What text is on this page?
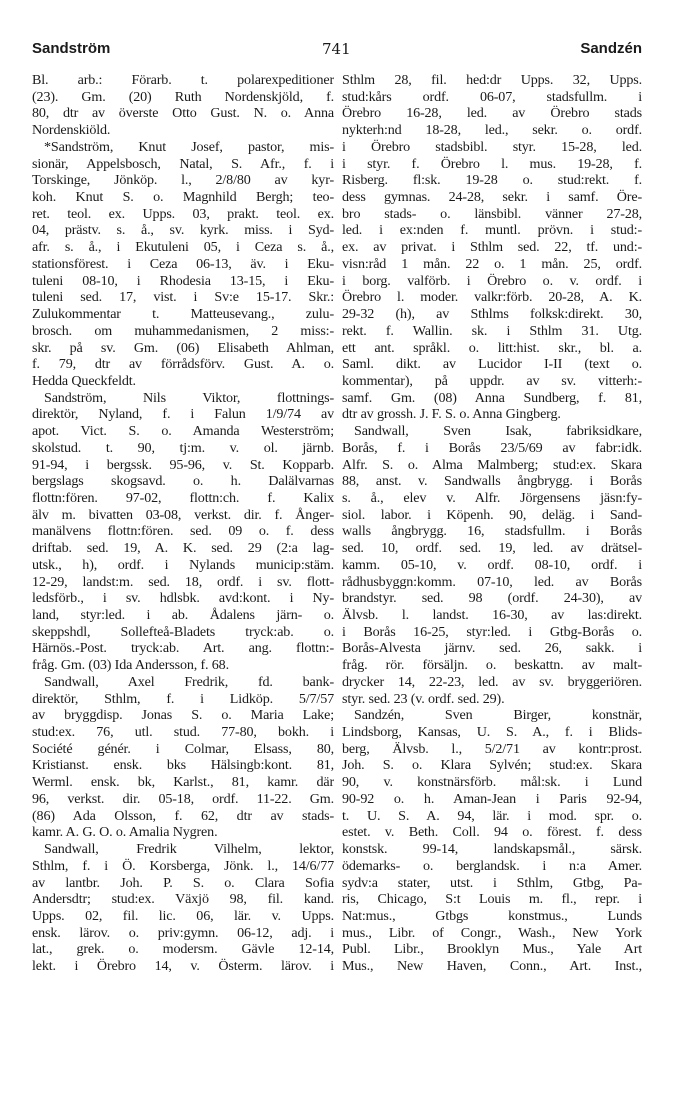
Sandström	741	Sandzén
Bl. arb.: Förarb. t. polarexpeditioner
(23). Gm. (20) Ruth Nordenskjöld, f.
80, dtr av överste Otto Gust. N. o. Anna
Nordenskiöld.
*Sandström, Knut Josef, pastor, mis-
sionär, Appelsbosch, Natal, S. Afr., f. i
Torskinge, Jönköp. l., 2/8/80 av kyr-
koh. Knut S. o. Magnhild Bergh; teo-
ret. teol. ex. Upps. 03, prakt. teol. ex.
04, prästv. s. å., sv. kyrk. miss. i Syd-
afr. s. å., i Ekutuleni 05, i Ceza s. å.,
stationsförest. i Ceza 06-13, äv. i Eku-
tuleni 08-10, i Rhodesia 13-15, i Eku-
tuleni sed. 17, vist. i Sv:e 15-17. Skr.:
Zulukommentar t. Matteusevang., zulu-
brosch. om muhammedanismen, 2 miss:-
skr. på sv. Gm. (06) Elisabeth Ahlman,
f. 79, dtr av förrådsförv. Gust. A. o.
Hedda Queckfeldt.
Sandström, Nils Viktor, flottnings-
direktör, Nyland, f. i Falun 1/9/74 av
apot. Vict. S. o. Amanda Westerström;
skolstud. t. 90, tj:m. v. ol. järnb.
91-94, i bergssk. 95-96, v. St. Kopparb.
bergslags skogsavd. o. h. Dalälvarnas
flottn:fören. 97-02, flottn:ch. f. Kalix
älv m. bivatten 03-08, verkst. dir. f. Ånger-
manälvens flottn:fören. sed. 09 o. f. dess
driftab. sed. 19, A. K. sed. 29 (2:a lag-
utsk., h), ordf. i Nylands municip:stäm.
12-29, landst:m. sed. 18, ordf. i sv. flott-
ledsförb., i sv. hdlsbk. avd:kont. i Ny-
land, styr:led. i ab. Ådalens järn- o.
skeppshdl, Sollefteå-Bladets tryck:ab. o.
Härnös.-Post. tryck:ab. Art. ang. flottn:-
fråg. Gm. (03) Ida Andersson, f. 68.
Sandwall, Axel Fredrik, fd. bank-
direktör, Sthlm, f. i Lidköp. 5/7/57
av bryggdisp. Jonas S. o. Maria Lake;
stud:ex. 76, utl. stud. 77-80, bokh. i
Société génér. i Colmar, Elsass, 80,
Kristianst. ensk. bks Hälsingb:kont. 81,
Werml. ensk. bk, Karlst., 81, kamr. där
96, verkst. dir. 05-18, ordf. 11-22. Gm.
(86) Ada Olsson, f. 62, dtr av stads-
kamr. A. G. O. o. Amalia Nygren.
Sandwall, Fredrik Vilhelm, lektor,
Sthlm, f. i Ö. Korsberga, Jönk. l., 14/6/77
av lantbr. Joh. P. S. o. Clara Sofia
Andersdtr; stud:ex. Växjö 98, fil. kand.
Upps. 02, fil. lic. 06, lär. v. Upps.
ensk. lärov. o. priv:gymn. 06-12, adj. i
lat., grek. o. modersm. Gävle 12-14,
lekt. i Örebro 14, v. Österm. lärov. i
Sthlm 28, fil. hed:dr Upps. 32, Upps.
stud:kårs ordf. 06-07, stadsfullm. i
Örebro 16-28, led. av Örebro stads
nykterh:nd 18-28, led., sekr. o. ordf.
i Örebro stadsbibl. styr. 15-28, led.
i styr. f. Örebro l. mus. 19-28, f.
Risberg. fl:sk. 19-28 o. stud:rekt. f.
dess gymnas. 24-28, sekr. i samf. Öre-
bro stads- o. länsbibl. vänner 27-28,
led. i ex:nden f. muntl. prövn. i stud:-
ex. av privat. i Sthlm sed. 22, tf. und:-
visn:råd 1 mån. 22 o. 1 mån. 25, ordf.
i borg. valförb. i Örebro o. v. ordf. i
Örebro l. moder. valkr:förb. 20-28, A. K.
29-32 (h), av Sthlms folksk:direkt. 30,
rekt. f. Wallin. sk. i Sthlm 31. Utg.
ett ant. språkl. o. litt:hist. skr., bl. a.
Saml. dikt. av Lucidor I-II (text o.
kommentar), på uppdr. av sv. vitterh:-
samf. Gm. (08) Anna Sundberg, f. 81,
dtr av grossh. J. F. S. o. Anna Gingberg.
Sandwall, Sven Isak, fabriksidkare,
Borås, f. i Borås 23/5/69 av fabr:idk.
Alfr. S. o. Alma Malmberg; stud:ex. Skara
88, anst. v. Sandwalls ångbrygg. i Borås
s. å., elev v. Alfr. Jörgensens jäsn:fy-
siol. labor. i Köpenh. 90, deläg. i Sand-
walls ångbrygg. 16, stadsfullm. i Borås
sed. 10, ordf. sed. 19, led. av drätsel-
kamm. 05-10, v. ordf. 08-10, ordf. i
rådhusbyggn:komm. 07-10, led. av Borås
brandstyr. sed. 98 (ordf. 24-30), av
Älvsb. l. landst. 16-30, av las:direkt.
i Borås 16-25, styr:led. i Gtbg-Borås o.
Borås-Alvesta järnv. sed. 26, sakk. i
fråg. rör. försäljn. o. beskattn. av malt-
drycker 14, 22-23, led. av sv. bryggeriören.
styr. sed. 23 (v. ordf. sed. 29).
Sandzén, Sven Birger, konstnär,
Lindsborg, Kansas, U. S. A., f. i Blids-
berg, Älvsb. l., 5/2/71 av kontr:prost.
Joh. S. o. Klara Sylvén; stud:ex. Skara
90, v. konstnärsförb. mål:sk. i Lund
90-92 o. h. Aman-Jean i Paris 92-94,
t. U. S. A. 94, lär. i mod. spr. o.
estet. v. Beth. Coll. 94 o. förest. f. dess
konstsk. 99-14, landskapsmål., särsk.
ödemarks- o. berglandsk. i n:a Amer.
sydv:a stater, utst. i Sthlm, Gtbg, Pa-
ris, Chicago, S:t Louis m. fl., repr. i
Nat:mus., Gtbgs konstmus., Lunds
mus., Libr. of Congr., Wash., New York
Publ. Libr., Brooklyn Mus., Yale Art
Mus., New Haven, Conn., Art. Inst.,
